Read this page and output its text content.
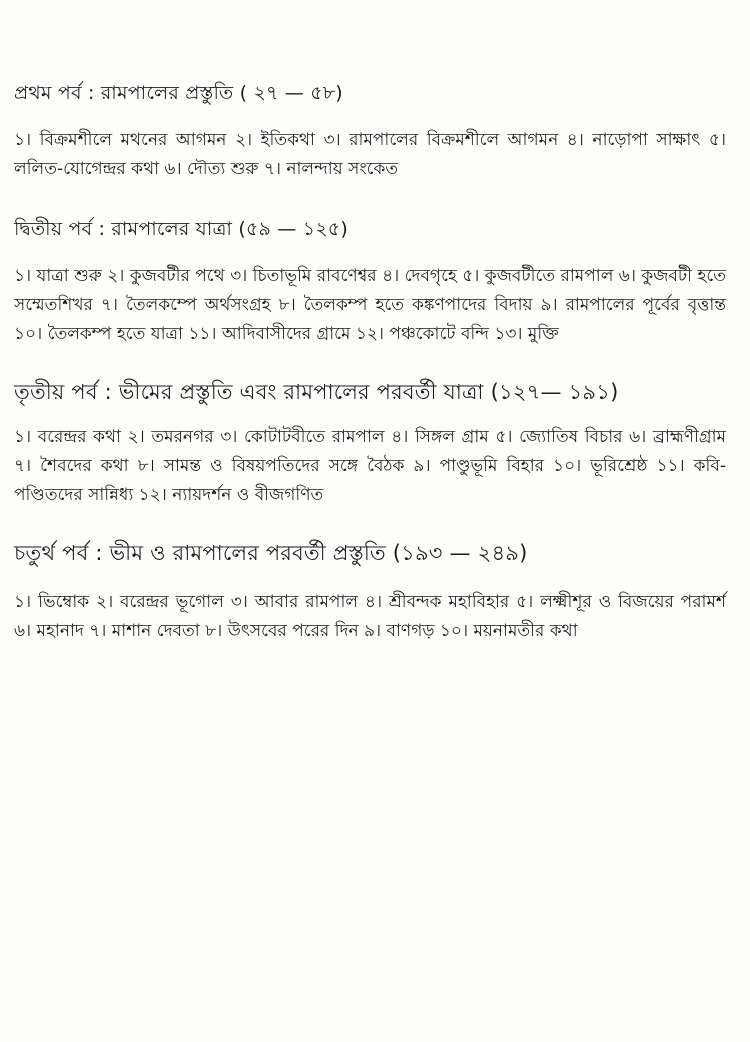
প্রথম পর্ব : রামপালের প্রস্তুতি ( ২৭ — ৫৮)
১। বিক্রমশীলে মথনের আগমন ২। ইতিকথা ৩। রামপালের বিক্রমশীলে আগমন ৪। নাড়োপা সাক্ষাৎ ৫। ললিত-যোগেন্দ্রর কথা ৬। দৌত্য শুরু ৭। নালন্দায় সংকেত
দ্বিতীয় পর্ব : রামপালের যাত্রা (৫৯ — ১২৫)
১। যাত্রা শুরু ২। কুজবটীর পথে ৩। চিতাভূমি রাবণেশ্বর ৪। দেবগৃহে ৫। কুজবটীতে রামপাল ৬। কুজবটী হতে সম্মেতশিখর ৭। তৈলকম্পে অর্থসংগ্রহ ৮। তৈলকম্প হতে কঙ্কণপাদের বিদায় ৯। রামপালের পূর্বের বৃত্তান্ত ১০। তৈলকম্প হতে যাত্রা ১১। আদিবাসীদের গ্রামে ১২। পঞ্চকোটে বন্দি ১৩। মুক্তি
তৃতীয় পর্ব : ভীমের প্রস্তুতি এবং রামপালের পরবর্তী যাত্রা (১২৭— ১৯১)
১। বরেন্দ্রর কথা ২। তমরনগর ৩। কোটাটবীতে রামপাল ৪। সিঙ্গল গ্রাম ৫। জ্যোতিষ বিচার ৬। ব্রাহ্মণীগ্রাম ৭। শৈবদের কথা ৮। সামন্ত ও বিষয়পতিদের সঙ্গে বৈঠক ৯। পাণ্ডুভূমি বিহার ১০। ভূরিশ্রেষ্ঠ ১১। কবি-পণ্ডিতদের সান্নিধ্য ১২। ন্যায়দর্শন ও বীজগণিত
চতুর্থ পর্ব : ভীম ও রামপালের পরবর্তী প্রস্তুতি (১৯৩ — ২৪৯)
১। ভিম্বোক ২। বরেন্দ্রর ভূগোল ৩। আবার রামপাল ৪। শ্রীবন্দক মহাবিহার ৫। লক্ষ্মীশূর ও বিজয়ের পরামর্শ ৬। মহানাদ ৭। মাশান দেবতা ৮। উৎসবের পরের দিন ৯। বাণগড় ১০। ময়নামতীর কথা
